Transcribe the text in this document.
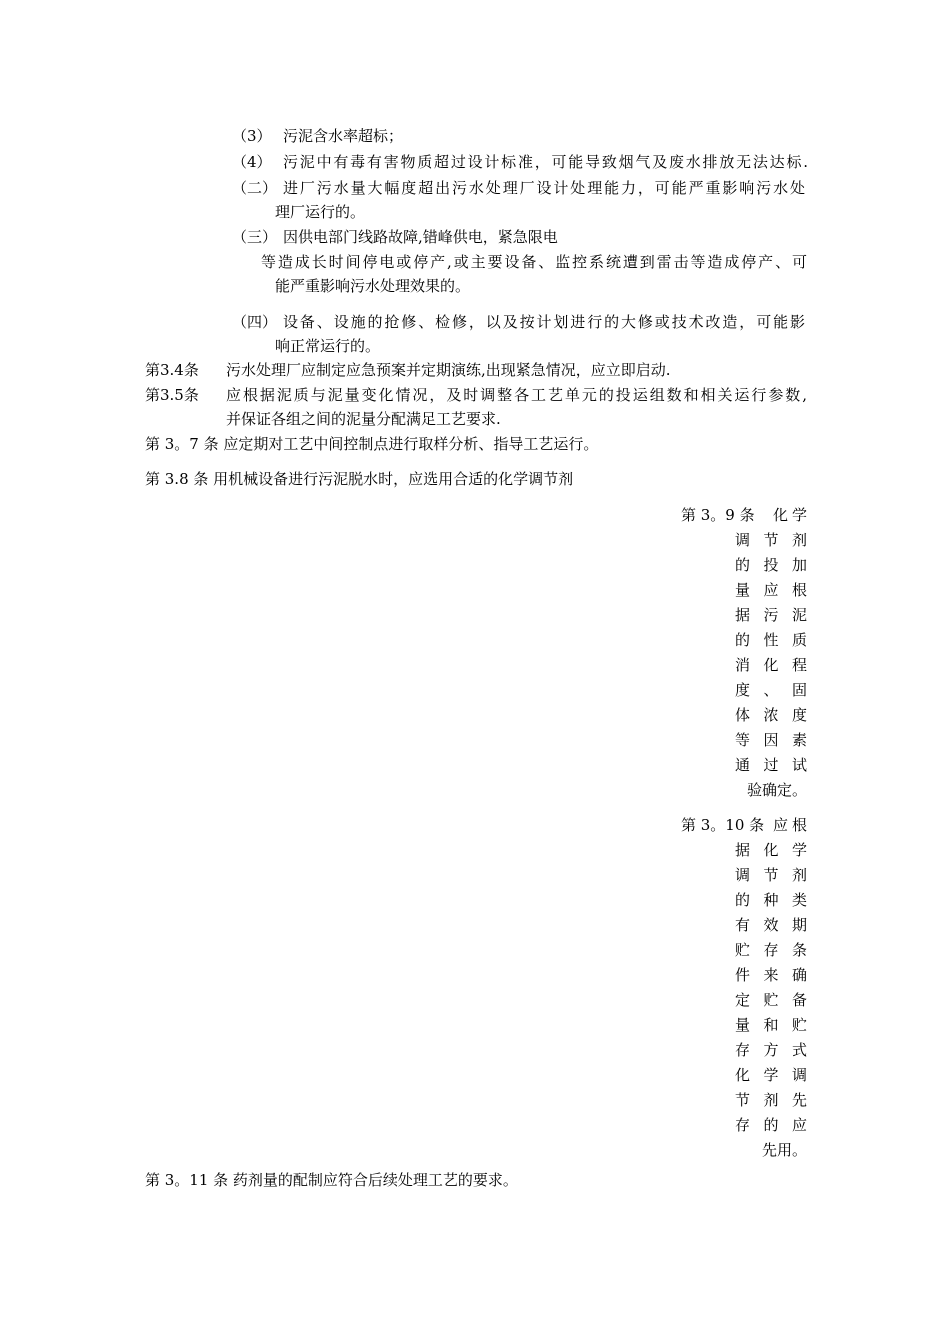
（3） 污泥含水率超标；
（4） 污泥中有毒有害物质超过设计标准，可能导致烟气及废水排放无法达标.
（二） 进厂污水量大幅度超出污水处理厂设计处理能力，可能严重影响污水处
理厂运行的。
（三） 因供电部门线路故障,错峰供电，紧急限电
等造成长时间停电或停产,或主要设备、监控系统遭到雷击等造成停产、可
能严重影响污水处理效果的。
（四） 设备、设施的抢修、检修，以及按计划进行的大修或技术改造，可能影
响正常运行的。
第3.4条 污水处理厂应制定应急预案并定期演练,出现紧急情况，应立即启动.
第3.5条 应根据泥质与泥量变化情况，及时调整各工艺单元的投运组数和相关运行参数,
并保证各组之间的泥量分配满足工艺要求.
第 3。7 条 应定期对工艺中间控制点进行取样分析、指导工艺运行。
第 3.8 条 用机械设备进行污泥脱水时，应选用合适的化学调节剂
第 3。9 条 化学
调节剂
的投加
量应根
据污泥
的性质
消化程
度、固
体浓度
等因素
通过试
验确定。
第 3。10 条 应根
据化学
调节剂
的种类
有效期
贮存条
件来确
定贮备
量和贮
存方式
化学调
节剂先
存的应
先用。
第 3。11 条 药剂量的配制应符合后续处理工艺的要求。
